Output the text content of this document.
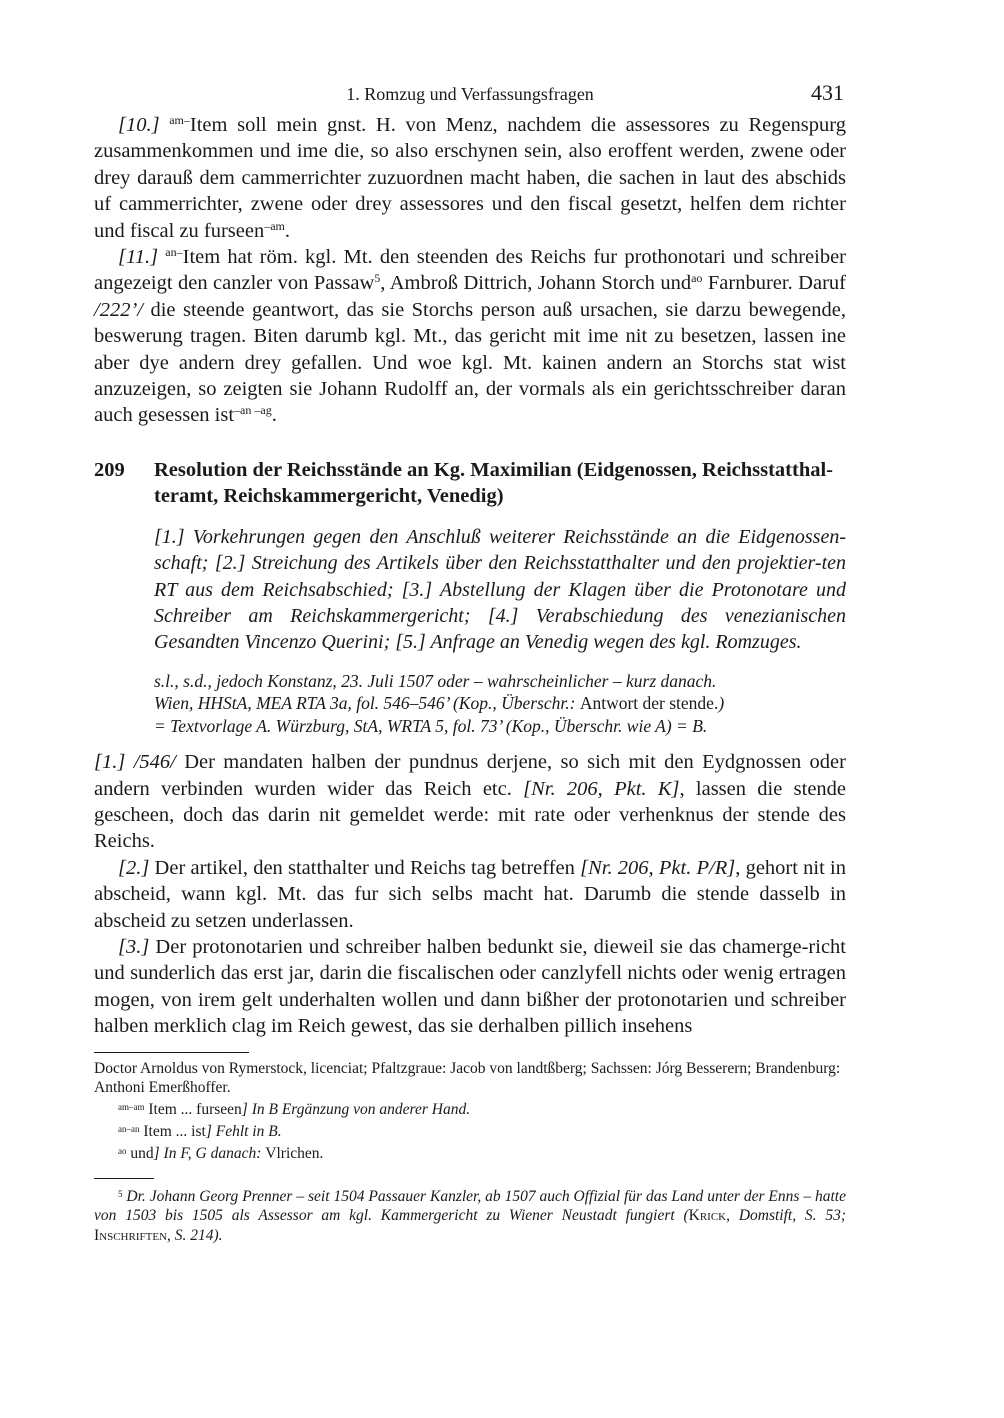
1. Romzug und Verfassungsfragen	431

[10.] $^{am-}$Item soll mein gnst. H. von Menz, nachdem die assessores zu Regenspurg zusammenkommen und ime die, so also erschynen sein, also eroffent werden, zwene oder drey darauß dem cammerrichter zuzuordnen macht haben, die sachen in laut des abschids uf cammerrichter, zwene oder drey assessores und den fiscal gesetzt, helfen dem richter und fiscal zu furseen$^{-am}$.

[11.] $^{an-}$Item hat röm. kgl. Mt. den steenden des Reichs fur prothonotari und schreiber angezeigt den canzler von Passaw$^5$, Ambroß Dittrich, Johann Storch und$^{ao}$ Farnburer. Daruf /222’/ die steende geantwort, das sie Storchs person auß ursachen, sie darzu bewegende, beswerung tragen. Biten darumb kgl. Mt., das gericht mit ime nit zu besetzen, lassen ine aber dye andern drey gefallen. Und woe kgl. Mt. kainen andern an Storchs stat wist anzuzeigen, so zeigten sie Johann Rudolff an, der vormals als ein gerichtsschreiber daran auch gesessen ist$^{-an -ag}$.

209	Resolution der Reichsstände an Kg. Maximilian (Eidgenossen, Reichsstatthal-teramt, Reichskammergericht, Venedig)

[1.] Vorkehrungen gegen den Anschluß weiterer Reichsstände an die Eidgenossen-schaft; [2.] Streichung des Artikels über den Reichsstatthalter und den projektier-ten RT aus dem Reichsabschied; [3.] Abstellung der Klagen über die Protonotare und Schreiber am Reichskammergericht; [4.] Verabschiedung des venezianischen Gesandten Vincenzo Querini; [5.] Anfrage an Venedig wegen des kgl. Romzuges.

s.l., s.d., jedoch Konstanz, 23. Juli 1507 oder – wahrscheinlicher – kurz danach.
Wien, HHStA, MEA RTA 3a, fol. 546–546’ (Kop., Überschr.: Antwort der stende.)
= Textvorlage A. Würzburg, StA, WRTA 5, fol. 73’ (Kop., Überschr. wie A) = B.

[1.] /546/ Der mandaten halben der pundnus derjene, so sich mit den Eydgnossen oder andern verbinden wurden wider das Reich etc. [Nr. 206, Pkt. K], lassen die stende gescheen, doch das darin nit gemeldet werde: mit rate oder verhenknus der stende des Reichs.

[2.] Der artikel, den statthalter und Reichs tag betreffen [Nr. 206, Pkt. P/R], gehort nit in abscheid, wann kgl. Mt. das fur sich selbs macht hat. Darumb die stende dasselb in abscheid zu setzen underlassen.

[3.] Der protonotarien und schreiber halben bedunkt sie, dieweil sie das chamerge-richt und sunderlich das erst jar, darin die fiscalischen oder canzlyfell nichts oder wenig ertragen mogen, von irem gelt underhalten wollen und dann bißher der protonotarien und schreiber halben merklich clag im Reich gewest, das sie derhalben pillich insehens

Doctor Arnoldus von Rymerstock, licenciat; Pfaltzgraue: Jacob von landtßberg; Sachssen: Jórg Besserern; Brandenburg: Anthoni Emerßhoffer.
$^{am-am}$ Item ... furseen] In B Ergänzung von anderer Hand.
$^{an-an}$ Item ... ist] Fehlt in B.
$^{ao}$ und] In F, G danach: Vlrichen.

$^5$ Dr. Johann Georg Prenner – seit 1504 Passauer Kanzler, ab 1507 auch Offizial für das Land unter der Enns – hatte von 1503 bis 1505 als Assessor am kgl. Kammergericht zu Wiener Neustadt fungiert (Krick, Domstift, S. 53; Inschriften, S. 214).
